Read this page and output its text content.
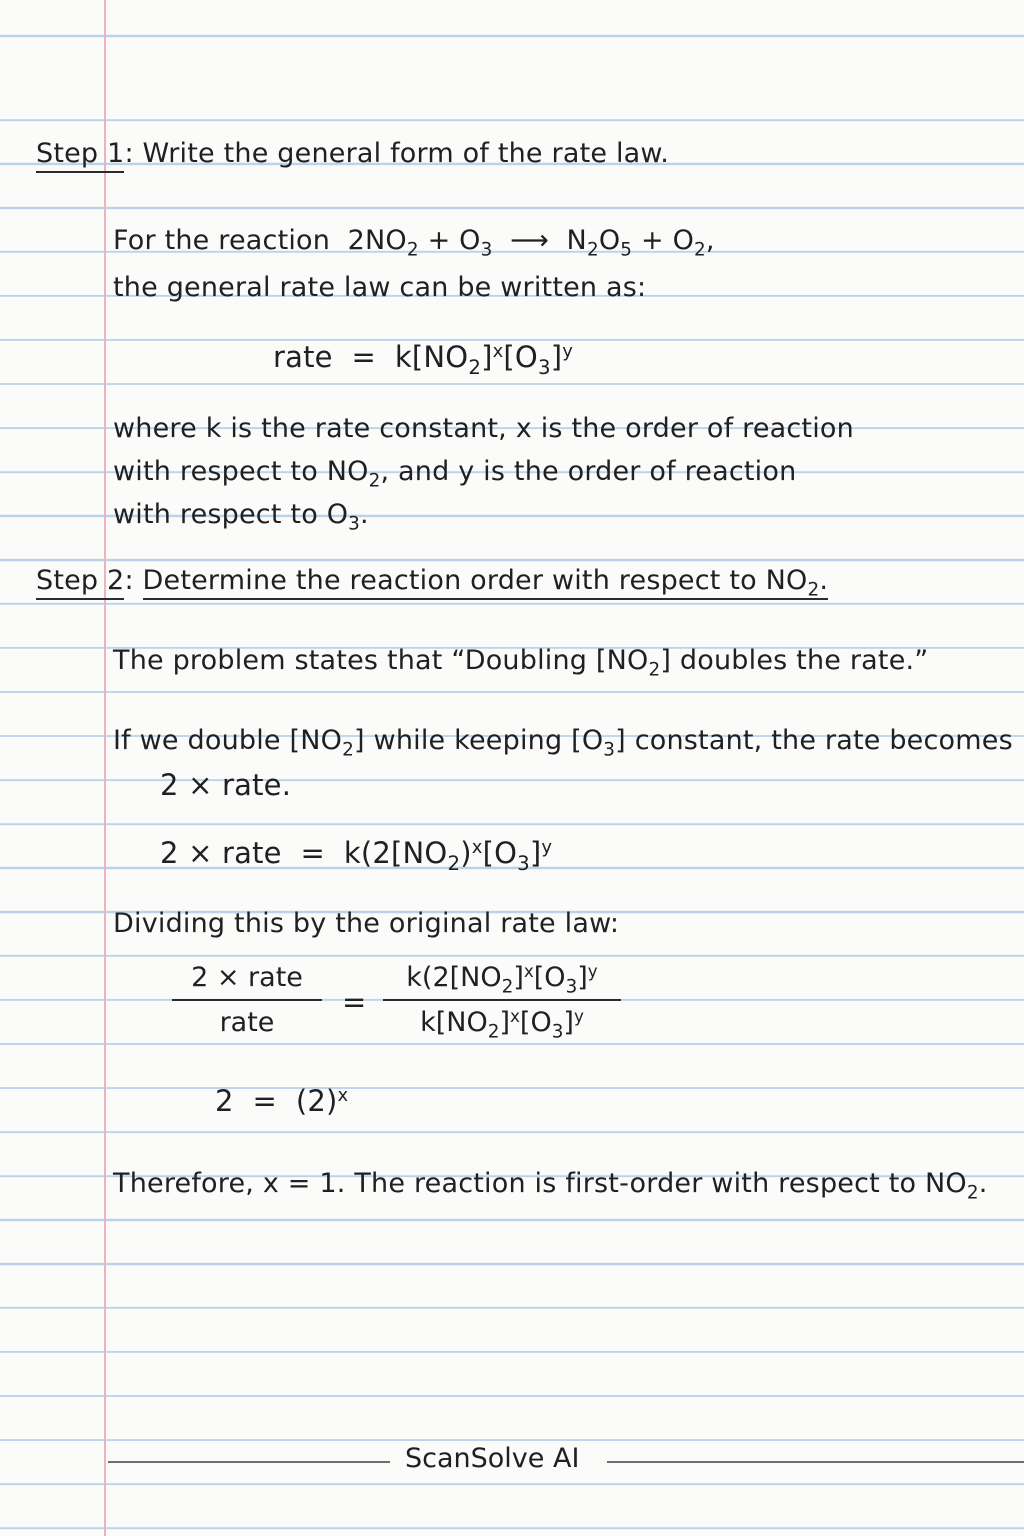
Step 1: Write the general form of the rate law.
For the reaction  $2NO_2 + O_3$  ⟶  $N_2O_5 + O_2$,
the general rate law can be written as:
rate  =  $k[NO_2]^x[O_3]^y$
where k is the rate constant, x is the order of reaction
with respect to $NO_2$, and y is the order of reaction
with respect to $O_3$.
Step 2: Determine the reaction order with respect to $NO_2$.
The problem states that “Doubling $[NO_2]$ doubles the rate.”
If we double $[NO_2]$ while keeping $[O_3]$ constant, the rate becomes
2 × rate.
2 × rate  =  $k(2[NO_2)^x[O_3]^y$
Dividing this by the original rate law:
2 × rate
rate
=
$k(2[NO_2]^x[O_3]^y$
$k[NO_2]^x[O_3]^y$
$2 = (2)^x$
Therefore, x = 1. The reaction is first-order with respect to $NO_2$.
ScanSolve AI
